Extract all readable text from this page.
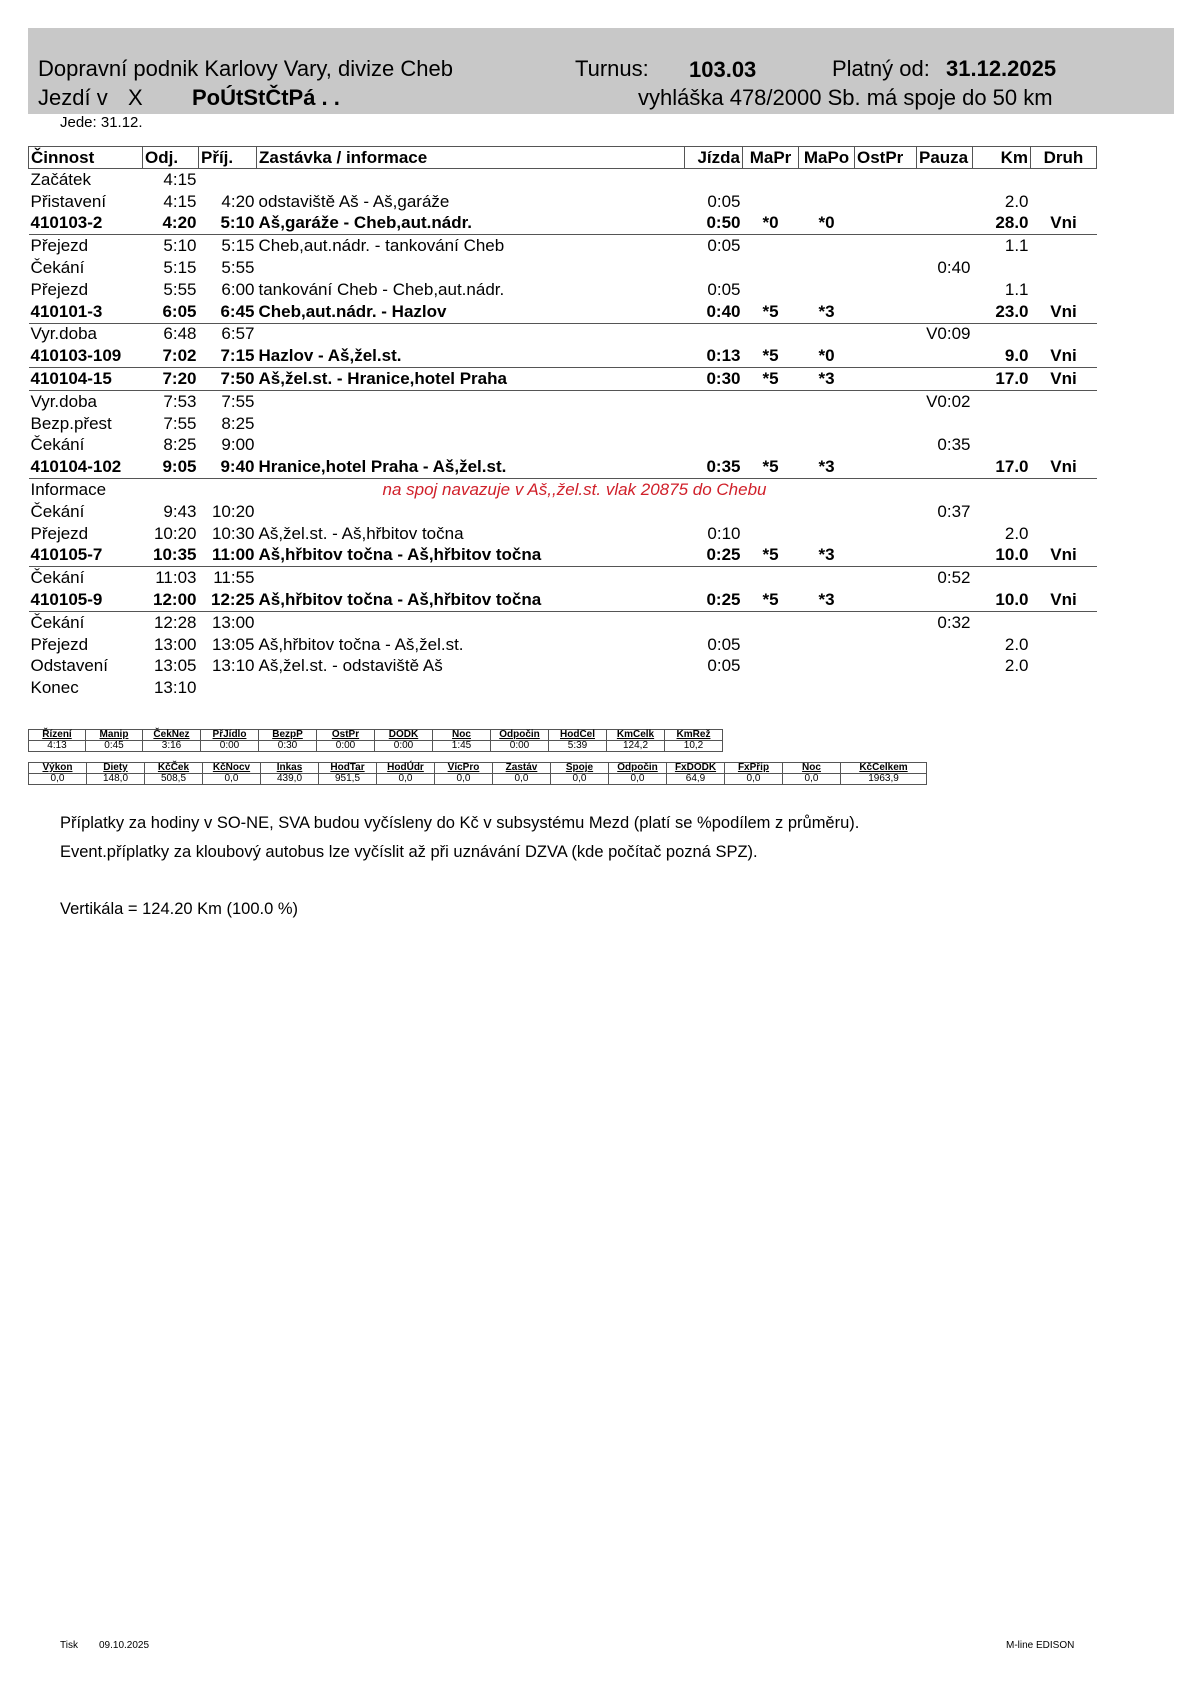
Dopravní podnik Karlovy Vary, divize Cheb	Turnus: 103.03	Platný od: 31.12.2025
Jezdí v X PoÚtStČtPá . .	vyhláška 478/2000 Sb. má spoje do 50 km
Jede: 31.12.
Činnost	Odj.	Příj.	Zastávka / informace	Jízda	MaPr	MaPo	OstPr	Pauza	Km	Druh
Začátek	4:15									
Přistavení	4:15	4:20	odstaviště Aš - Aš,garáže	0:05					2.0	
410103-2	4:20	5:10	Aš,garáže - Cheb,aut.nádr.	0:50	*0	*0			28.0	Vni
Přejezd	5:10	5:15	Cheb,aut.nádr. - tankování Cheb	0:05					1.1	
Čekání	5:15	5:55						0:40		
Přejezd	5:55	6:00	tankování Cheb - Cheb,aut.nádr.	0:05					1.1	
410101-3	6:05	6:45	Cheb,aut.nádr. - Hazlov	0:40	*5	*3			23.0	Vni
Vyr.doba	6:48	6:57						V0:09		
410103-109	7:02	7:15	Hazlov - Aš,žel.st.	0:13	*5	*0			9.0	Vni
410104-15	7:20	7:50	Aš,žel.st. - Hranice,hotel Praha	0:30	*5	*3			17.0	Vni
Vyr.doba	7:53	7:55						V0:02		
Bezp.přest	7:55	8:25								
Čekání	8:25	9:00						0:35		
410104-102	9:05	9:40	Hranice,hotel Praha - Aš,žel.st.	0:35	*5	*3			17.0	Vni
Informace	na spoj navazuje v Aš,,žel.st. vlak 20875 do Chebu									
Čekání	9:43	10:20						0:37		
Přejezd	10:20	10:30	Aš,žel.st. - Aš,hřbitov točna	0:10					2.0	
410105-7	10:35	11:00	Aš,hřbitov točna - Aš,hřbitov točna	0:25	*5	*3			10.0	Vni
Čekání	11:03	11:55						0:52		
410105-9	12:00	12:25	Aš,hřbitov točna - Aš,hřbitov točna	0:25	*5	*3			10.0	Vni
Čekání	12:28	13:00						0:32		
Přejezd	13:00	13:05	Aš,hřbitov točna - Aš,žel.st.	0:05					2.0	
Odstavení	13:05	13:10	Aš,žel.st. - odstaviště Aš	0:05					2.0	
Konec	13:10									
Řízení	Manip	ČekNez	PřJídlo	BezpP	OstPr	DODK	Noc	Odpočin	HodCel	KmCelk	KmRež
4:13	0:45	3:16	0:00	0:30	0:00	0:00	1:45	0:00	5:39	124,2	10,2
Výkon	Diety	KčČek	KčNocv	Inkas	HodTar	HodÚdr	VícPro	Zastáv	Spoje	Odpočin	FxDODK	FxPřip	Noc	KčCelkem
0,0	148,0	508,5	0,0	439,0	951,5	0,0	0,0	0,0	0,0	0,0	64,9	0,0	0,0	1963,9
Příplatky za hodiny v SO-NE, SVA budou vyčísleny do Kč v subsystému Mezd (platí se %podílem z průměru).
Event.příplatky za kloubový autobus lze vyčíslit až při uznávání DZVA (kde počítač pozná SPZ).
Vertikála = 124.20 Km (100.0 %)
Tisk 09.10.2025	M-line EDISON
